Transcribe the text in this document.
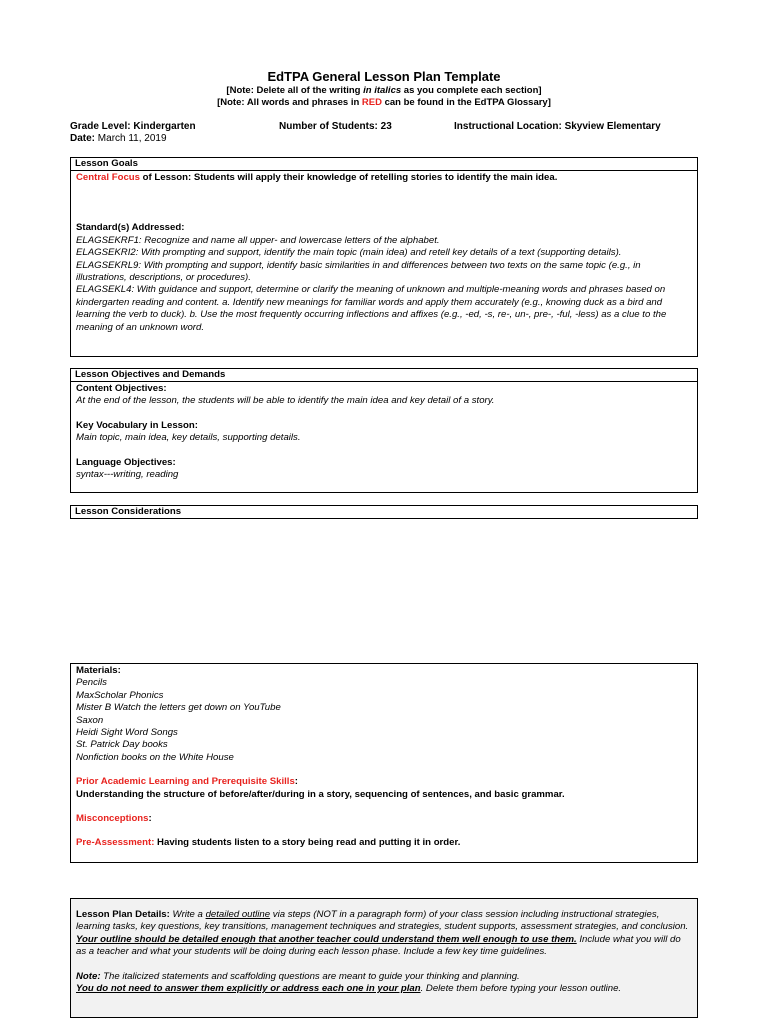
EdTPA General Lesson Plan Template
[Note: Delete all of the writing in italics as you complete each section]
[Note: All words and phrases in RED can be found in the EdTPA Glossary]
Grade Level: Kindergarten
Date: March 11, 2019
Number of Students: 23	Instructional Location: Skyview Elementary
Lesson Goals
Central Focus of Lesson: Students will apply their knowledge of retelling stories to identify the main idea.
Standard(s) Addressed:
ELAGSEKRF1: Recognize and name all upper- and lowercase letters of the alphabet.
ELAGSEKRI2: With prompting and support, identify the main topic (main idea) and retell key details of a text (supporting details).
ELAGSEKRL9: With prompting and support, identify basic similarities in and differences between two texts on the same topic (e.g., in illustrations, descriptions, or procedures).
ELAGSEKL4: With guidance and support, determine or clarify the meaning of unknown and multiple-meaning words and phrases based on kindergarten reading and content. a. Identify new meanings for familiar words and apply them accurately (e.g., knowing duck as a bird and learning the verb to duck). b. Use the most frequently occurring inflections and affixes (e.g., -ed, -s, re-, un-, pre-, -ful, -less) as a clue to the meaning of an unknown word.
Lesson Objectives and Demands
Content Objectives:
At the end of the lesson, the students will be able to identify the main idea and key detail of a story.
Key Vocabulary in Lesson:
Main topic, main idea, key details, supporting details.
Language Objectives:
syntax---writing, reading
Lesson Considerations
Materials:
Pencils
MaxScholar Phonics
Mister B Watch the letters get down on YouTube
Saxon
Heidi Sight Word Songs
St. Patrick Day books
Nonfiction books on the White House
Prior Academic Learning and Prerequisite Skills:
Understanding the structure of before/after/during in a story, sequencing of sentences, and basic grammar.
Misconceptions:
Pre-Assessment: Having students listen to a story being read and putting it in order.
Lesson Plan Details: Write a detailed outline via steps (NOT in a paragraph form) of your class session including instructional strategies, learning tasks, key questions, key transitions, management techniques and strategies, student supports, assessment strategies, and conclusion.
Your outline should be detailed enough that another teacher could understand them well enough to use them. Include what you will do as a teacher and what your students will be doing during each lesson phase. Include a few key time guidelines.
Note: The italicized statements and scaffolding questions are meant to guide your thinking and planning.
You do not need to answer them explicitly or address each one in your plan. Delete them before typing your lesson outline.
